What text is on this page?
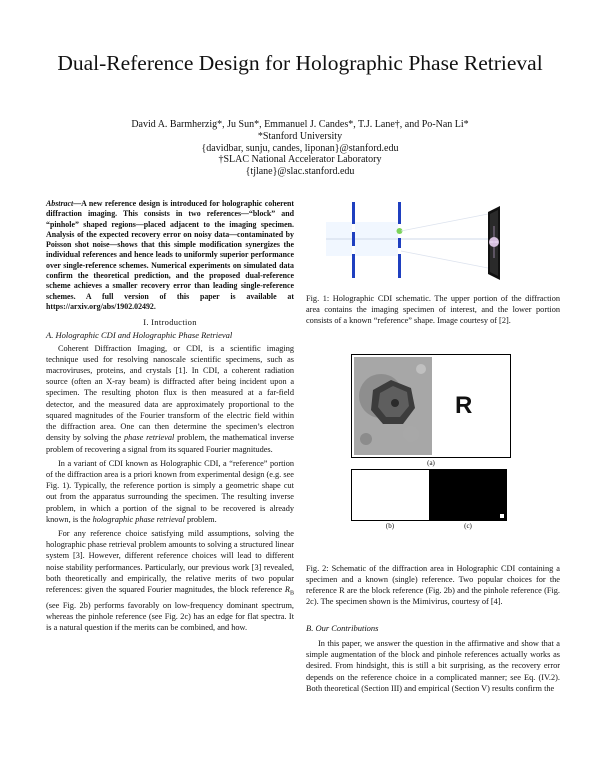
Dual-Reference Design for Holographic Phase Retrieval
David A. Barmherzig*, Ju Sun*, Emmanuel J. Candes*, T.J. Lane†, and Po-Nan Li*
*Stanford University
{davidbar, sunju, candes, liponan}@stanford.edu
†SLAC National Accelerator Laboratory
{tjlane}@slac.stanford.edu
Abstract—A new reference design is introduced for holographic coherent diffraction imaging. This consists in two references—“block” and “pinhole” shaped regions—placed adjacent to the imaging specimen. Analysis of the expected recovery error on noisy data—contaminated by Poisson shot noise—shows that this simple modification synergizes the individual references and hence leads to uniformly superior performance over single-reference schemes. Numerical experiments on simulated data confirm the theoretical prediction, and the proposed dual-reference scheme achieves a smaller recovery error than leading single-reference schemes. A full version of this paper is available at https://arxiv.org/abs/1902.02492.
I. Introduction
A. Holographic CDI and Holographic Phase Retrieval

Coherent Diffraction Imaging, or CDI, is a scientific imaging technique used for resolving nanoscale scientific specimens, such as macroviruses, proteins, and crystals [1]. In CDI, a coherent radiation source (often an X-ray beam) is diffracted after being incident upon a specimen. The resulting photon flux is then measured at a far-field detector, and the measured data are approximately proportional to the squared magnitudes of the Fourier transform of the electric field within the diffraction area. One can then determine the specimen’s electron density by solving the phase retrieval problem, the mathematical inverse problem of recovering a signal from its squared Fourier magnitudes.

In a variant of CDI known as Holographic CDI, a “reference” portion of the diffraction area is a priori known from experimental design (e.g. see Fig. 1). Typically, the reference portion is simply a geometric shape cut out from the apparatus surrounding the specimen. The resulting inverse problem, in which a portion of the signal to be recovered is already known, is the holographic phase retrieval problem.

For any reference choice satisfying mild assumptions, solving the holographic phase retrieval problem amounts to solving a structured linear system [3]. However, different reference choices will lead to different noise stability performances. Particularly, our previous work [3] revealed, both theoretically and empirically, the relative merits of two popular references: given the squared Fourier magnitudes, the block reference $R_B$ (see Fig. 2b) performs favorably on low-frequency dominant spectrum, whereas the pinhole reference (see Fig. 2c) has an edge for flat spectra. It is a natural question if the merits can be combined, and how.

Fig. 1: Holographic CDI schematic. The upper portion of the diffraction area contains the imaging specimen of interest, and the lower portion consists of a known “reference” shape. Image courtesy of [2].
R
(a)
(b)	(c)
Fig. 2: Schematic of the diffraction area in Holographic CDI containing a specimen and a known (single) reference. Two popular choices for the reference R are the block reference (Fig. 2b) and the pinhole reference (Fig. 2c). The specimen shown is the Mimivirus, courtesy of [4].
B. Our Contributions

In this paper, we answer the question in the affirmative and show that a simple augmentation of the block and pinhole references actually works as desired. From hindsight, this is still a bit surprising, as the recovery error depends on the reference choice in a complicated manner; see Eq. (IV.2). Both theoretical (Section III) and empirical (Section V) results confirm the
